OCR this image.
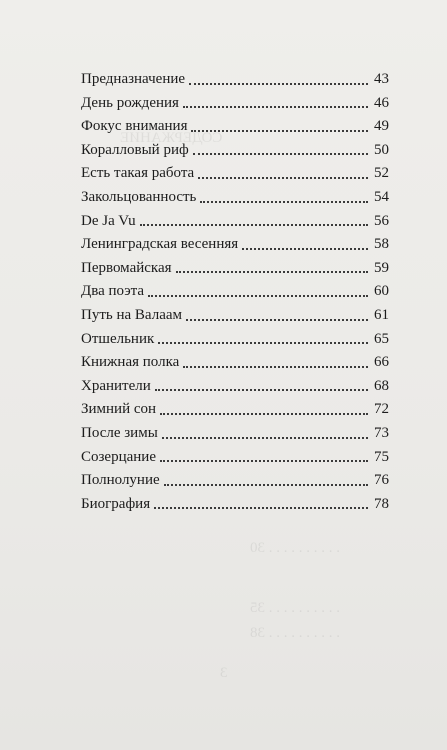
СОДЕРЖАНИЕ
. . . . . . . . . . 30
. . . . . . . . . . 35
. . . . . . . . . . 38
3
Предназначение	43
День рождения	46
Фокус внимания	49
Коралловый риф	50
Есть такая работа	52
Закольцованность	54
De Ja Vu	56
Ленинградская весенняя	58
Первомайская	59
Два поэта	60
Путь на Валаам	61
Отшельник	65
Книжная полка	66
Хранители	68
Зимний сон	72
После зимы	73
Созерцание	75
Полнолуние	76
Биография	78
